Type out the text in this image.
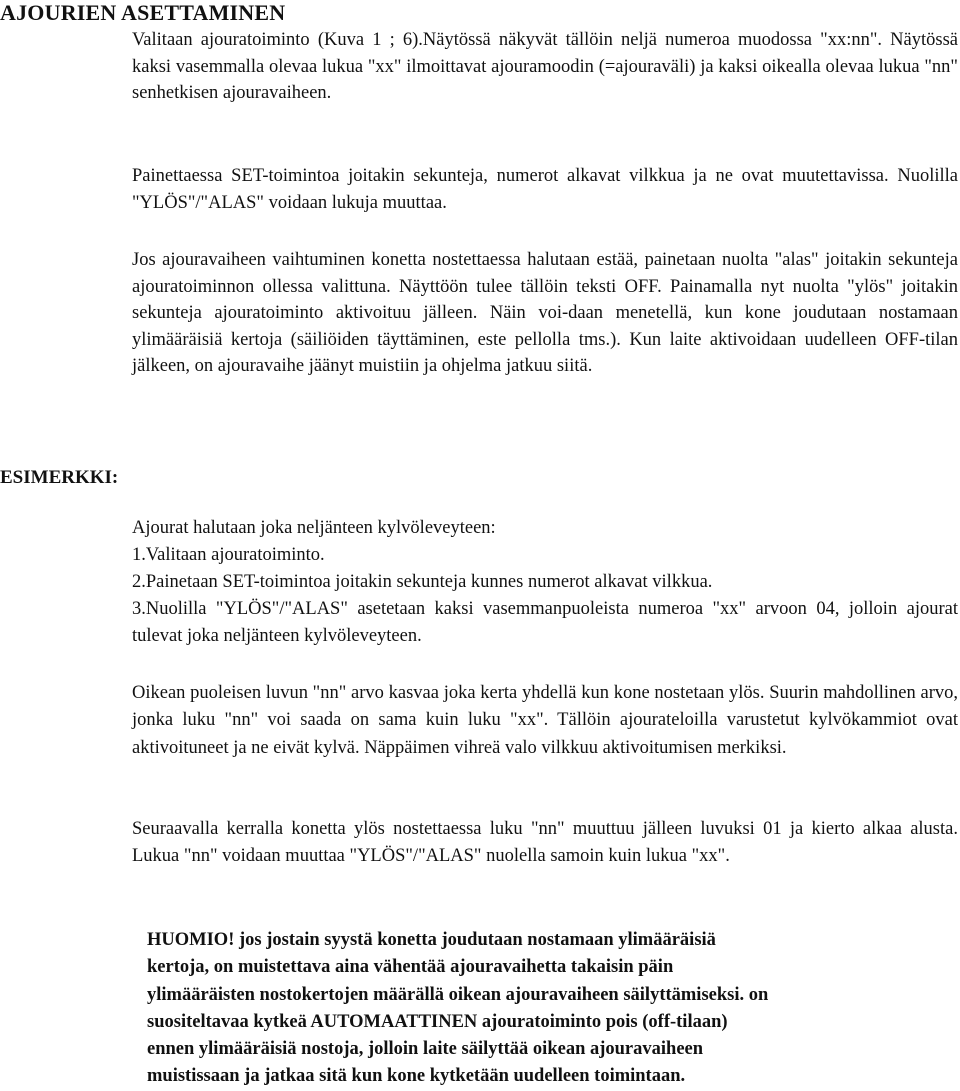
AJOURIEN ASETTAMINEN

Valitaan ajouratoiminto (Kuva 1 ; 6).Näytössä näkyvät tällöin neljä numeroa muodossa "xx:nn". Näytössä kaksi vasemmalla olevaa lukua "xx" ilmoittavat ajouramoodin (=ajouraväli) ja kaksi oikealla olevaa lukua "nn" senhetkisen ajouravaiheen.

Painettaessa SET-toimintoa joitakin sekunteja, numerot alkavat vilkkua ja ne ovat muutettavissa. Nuolilla "YLÖS"/"ALAS" voidaan lukuja muuttaa.

Jos ajouravaiheen vaihtuminen konetta nostettaessa halutaan estää, painetaan nuolta "alas" joitakin sekunteja ajouratoiminnon ollessa valittuna. Näyttöön tulee tällöin teksti OFF. Painamalla nyt nuolta "ylös" joitakin sekunteja ajouratoiminto aktivoituu jälleen. Näin voi-daan menetellä, kun kone joudutaan nostamaan ylimääräisiä kertoja (säiliöiden täyttäminen, este pellolla tms.). Kun laite aktivoidaan uudelleen OFF-tilan jälkeen, on ajouravaihe jäänyt muistiin ja ohjelma jatkuu siitä.

ESIMERKKI:

Ajourat halutaan joka neljänteen kylvöleveyteen:

1.Valitaan ajouratoiminto.

2.Painetaan SET-toimintoa joitakin sekunteja kunnes numerot alkavat vilkkua.

3.Nuolilla "YLÖS"/"ALAS" asetetaan kaksi vasemmanpuoleista numeroa "xx" arvoon 04, jolloin ajourat tulevat joka neljänteen kylvöleveyteen.

Oikean puoleisen luvun "nn" arvo kasvaa joka kerta yhdellä kun kone nostetaan ylös. Suurin mahdollinen arvo, jonka luku "nn" voi saada on sama kuin luku "xx". Tällöin ajourateloilla varustetut kylvökammiot ovat aktivoituneet ja ne eivät kylvä. Näppäimen vihreä valo vilkkuu aktivoitumisen merkiksi.

Seuraavalla kerralla konetta ylös nostettaessa luku "nn" muuttuu jälleen luvuksi 01 ja kierto alkaa alusta. Lukua "nn" voidaan muuttaa "YLÖS"/"ALAS" nuolella samoin kuin lukua "xx".

HUOMIO! jos jostain syystä konetta joudutaan nostamaan ylimääräisiä
kertoja, on muistettava aina vähentää ajouravaihetta takaisin päin
ylimääräisten nostokertojen määrällä oikean ajouravaiheen säilyttämiseksi. on
suositeltavaa kytkeä AUTOMAATTINEN ajouratoiminto pois (off-tilaan)
ennen ylimääräisiä nostoja, jolloin laite säilyttää oikean ajouravaiheen
muistissaan ja jatkaa sitä kun kone kytketään uudelleen toimintaan.
